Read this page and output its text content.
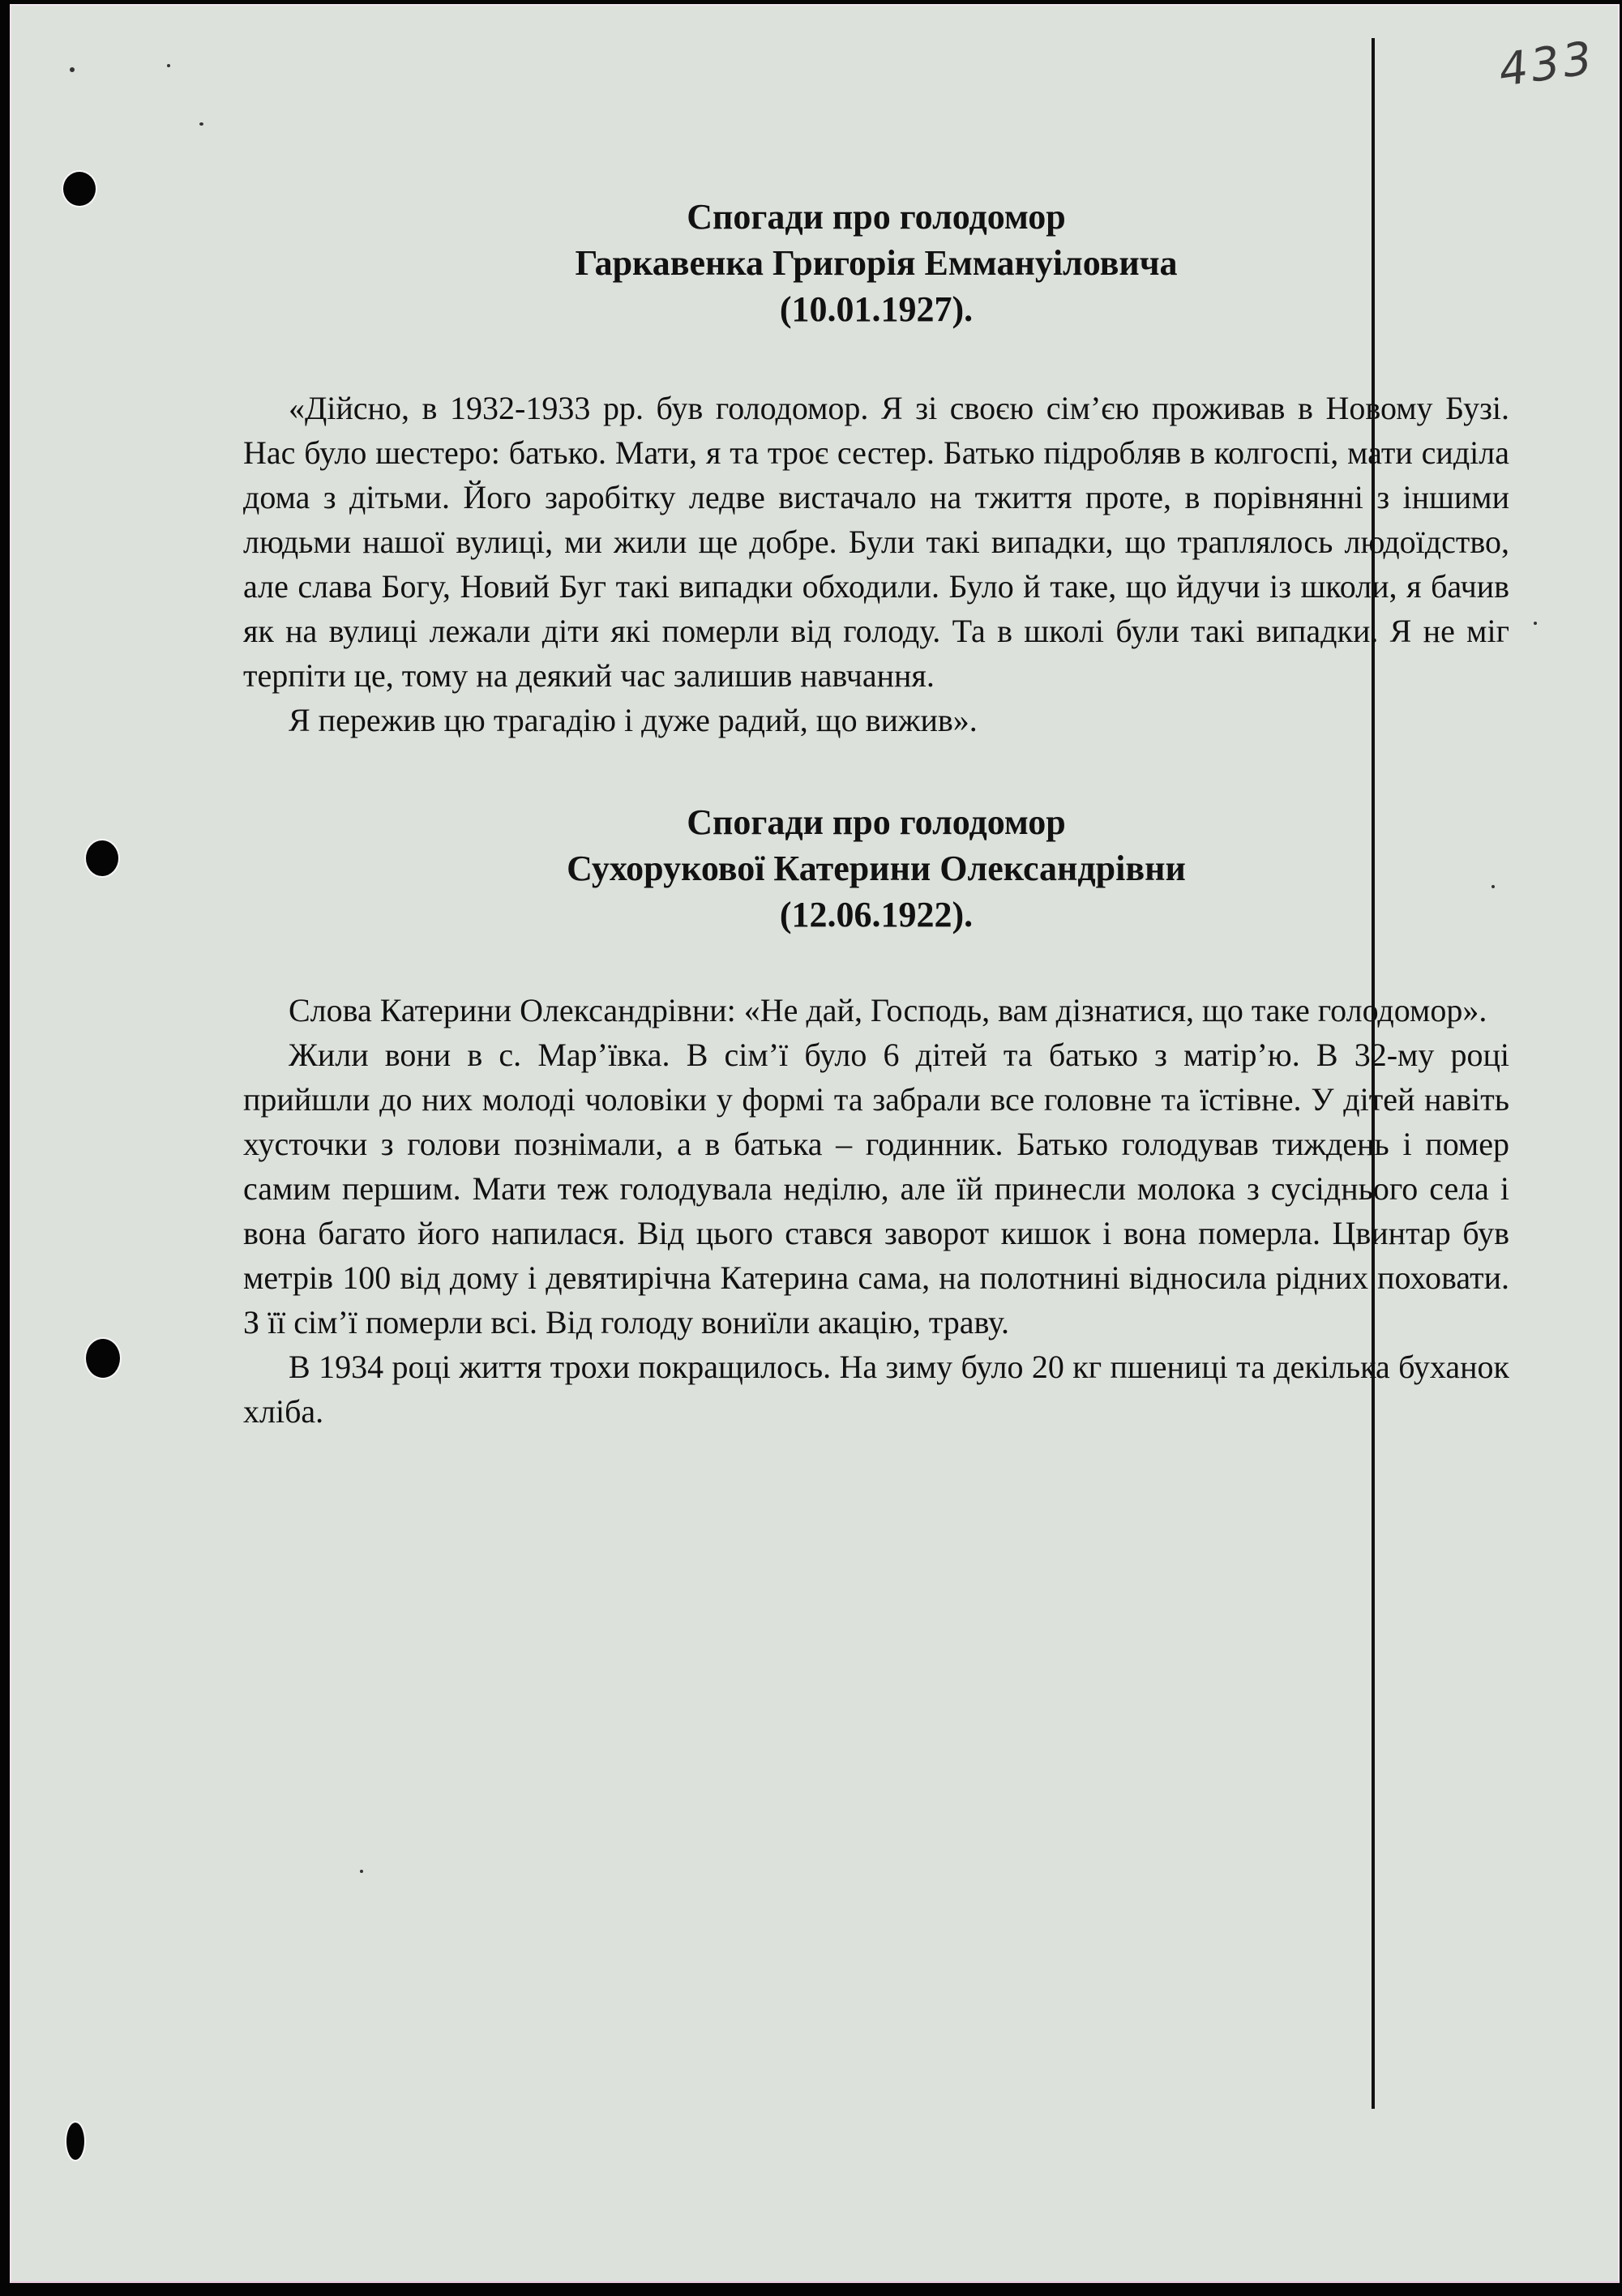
433
Спогади про голодомор
Гаркавенка Григорія Еммануіловича
(10.01.1927).

«Дійсно, в 1932-1933 рр. був голодомор. Я зі своєю сім’єю проживав в Новому Бузі. Нас було шестеро: батько. Мати, я та троє сестер. Батько підробляв в колгоспі, мати сиділа дома з дітьми. Його заробітку ледве вистачало на тжиття проте, в порівнянні з іншими людьми нашої вулиці, ми жили ще добре. Були такі випадки, що траплялось людоїдство, але слава Богу, Новий Буг такі випадки обходили. Було й таке, що йдучи із школи, я бачив як на вулиці лежали діти які померли від голоду. Та в школі були такі випадки. Я не міг терпіти це, тому на деякий час залишив навчання.

Я пережив цю трагадію і дуже радий, що вижив».

Спогади про голодомор
Сухорукової Катерини Олександрівни
(12.06.1922).

Слова Катерини Олександрівни: «Не дай, Господь, вам дізнатися, що таке голодомор».

Жили вони в с. Мар’ївка. В сім’ї було 6 дітей та батько з матір’ю. В 32-му році прийшли до них молоді чоловіки у формі та забрали все головне та їстівне. У дітей навіть хусточки з голови познімали, а в батька – годинник. Батько голодував тиждень і помер самим першим. Мати теж голодувала неділю, але їй принесли молока з сусіднього села і вона багато його напилася. Від цього стався заворот кишок і вона померла. Цвинтар був метрів 100 від дому і девятирічна Катерина сама, на полотнині відносила рідних поховати. З її сім’ї померли всі. Від голоду вониїли акацію, траву.

В 1934 році життя трохи покращилось. На зиму було 20 кг пшениці та декілька буханок хліба.
